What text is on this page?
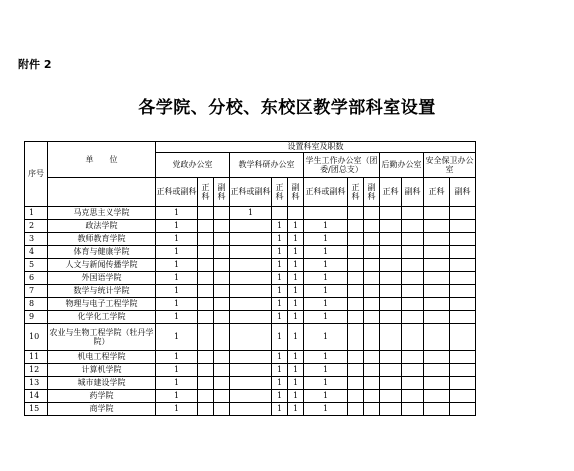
附件 2
各学院、分校、东校区教学部科室设置
序号	单　　位	设置科室及职数												
		党政办公室			教学科研办公室			学生工作办公室（团委/团总支）			后勤办公室		安全保卫办公室	
		正科或副科	正科	副科	正科或副科	正科	副科	正科或副科	正科	副科	正科	副科	正科	副科
1	马克思主义学院	1			1									
2	政法学院	1				1	1	1						
3	教师教育学院	1				1	1	1						
4	体育与健康学院	1				1	1	1						
5	人文与新闻传播学院	1				1	1	1						
6	外国语学院	1				1	1	1						
7	数学与统计学院	1				1	1	1						
8	物理与电子工程学院	1				1	1	1						
9	化学化工学院	1				1	1	1						
10	农业与生物工程学院（牡丹学院）	1				1	1	1						
11	机电工程学院	1				1	1	1						
12	计算机学院	1				1	1	1						
13	城市建设学院	1				1	1	1						
14	药学院	1				1	1	1						
15	商学院	1				1	1	1						
